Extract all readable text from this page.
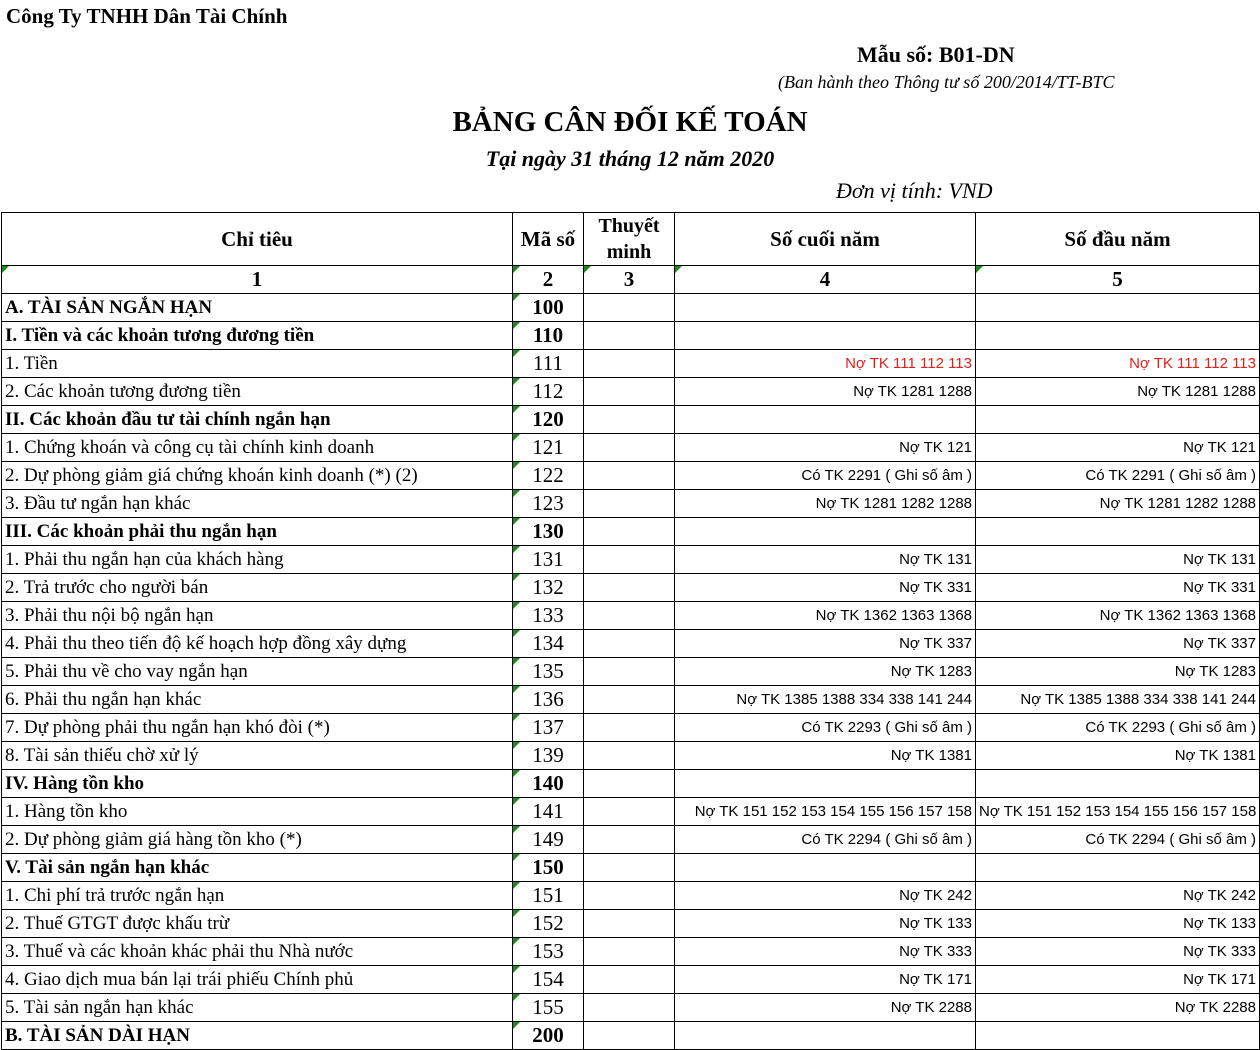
Công Ty TNHH Dân Tài Chính
Mẫu số: B01-DN
(Ban hành theo Thông tư số 200/2014/TT-BTC
BẢNG CÂN ĐỐI KẾ TOÁN
Tại ngày 31 tháng 12 năm 2020
Đơn vị tính: VND
Chỉ tiêu	Mã số	Thuyết minh	Số cuối năm	Số đầu năm

1	2	3	4	5
A. TÀI SẢN NGẮN HẠN	100			
I. Tiền và các khoản tương đương tiền	110			
1. Tiền	111		Nợ TK 111 112 113	Nợ TK 111 112 113
2. Các khoản tương đương tiền	112		Nợ TK 1281 1288	Nợ TK 1281 1288
II. Các khoản đầu tư tài chính ngắn hạn	120			
1. Chứng khoán và công cụ tài chính kinh doanh	121		Nợ TK 121	Nợ TK 121
2. Dự phòng giảm giá chứng khoán kinh doanh (*) (2)	122		Có TK 2291 ( Ghi số âm )	Có TK 2291 ( Ghi số âm )
3. Đầu tư ngắn hạn khác	123		Nợ TK 1281 1282 1288	Nợ TK 1281 1282 1288
III. Các khoản phải thu ngắn hạn	130			
1. Phải thu ngắn hạn của khách hàng	131		Nợ TK 131	Nợ TK 131
2. Trả trước cho người bán	132		Nợ TK 331	Nợ TK 331
3. Phải thu nội bộ ngắn hạn	133		Nợ TK 1362 1363 1368	Nợ TK 1362 1363 1368
4. Phải thu theo tiến độ kế hoạch hợp đồng xây dựng	134		Nợ TK 337	Nợ TK 337
5. Phải thu về cho vay ngắn hạn	135		Nợ TK 1283	Nợ TK 1283
6. Phải thu ngắn hạn khác	136		Nợ TK 1385 1388 334 338 141 244	Nợ TK 1385 1388 334 338 141 244
7. Dự phòng phải thu ngắn hạn khó đòi (*)	137		Có TK 2293 ( Ghi số âm )	Có TK 2293 ( Ghi số âm )
8. Tài sản thiếu chờ xử lý	139		Nợ TK 1381	Nợ TK 1381
IV. Hàng tồn kho	140			
1. Hàng tồn kho	141		Nợ TK 151 152 153 154 155 156 157 158	Nợ TK 151 152 153 154 155 156 157 158
2. Dự phòng giảm giá hàng tồn kho (*)	149		Có TK 2294 ( Ghi số âm )	Có TK 2294 ( Ghi số âm )
V. Tài sản ngắn hạn khác	150			
1. Chi phí trả trước ngắn hạn	151		Nợ TK 242	Nợ TK 242
2. Thuế GTGT được khấu trừ	152		Nợ TK 133	Nợ TK 133
3. Thuế và các khoản khác phải thu Nhà nước	153		Nợ TK 333	Nợ TK 333
4. Giao dịch mua bán lại trái phiếu Chính phủ	154		Nợ TK 171	Nợ TK 171
5. Tài sản ngắn hạn khác	155		Nợ TK 2288	Nợ TK 2288
B. TÀI SẢN DÀI HẠN	200			
